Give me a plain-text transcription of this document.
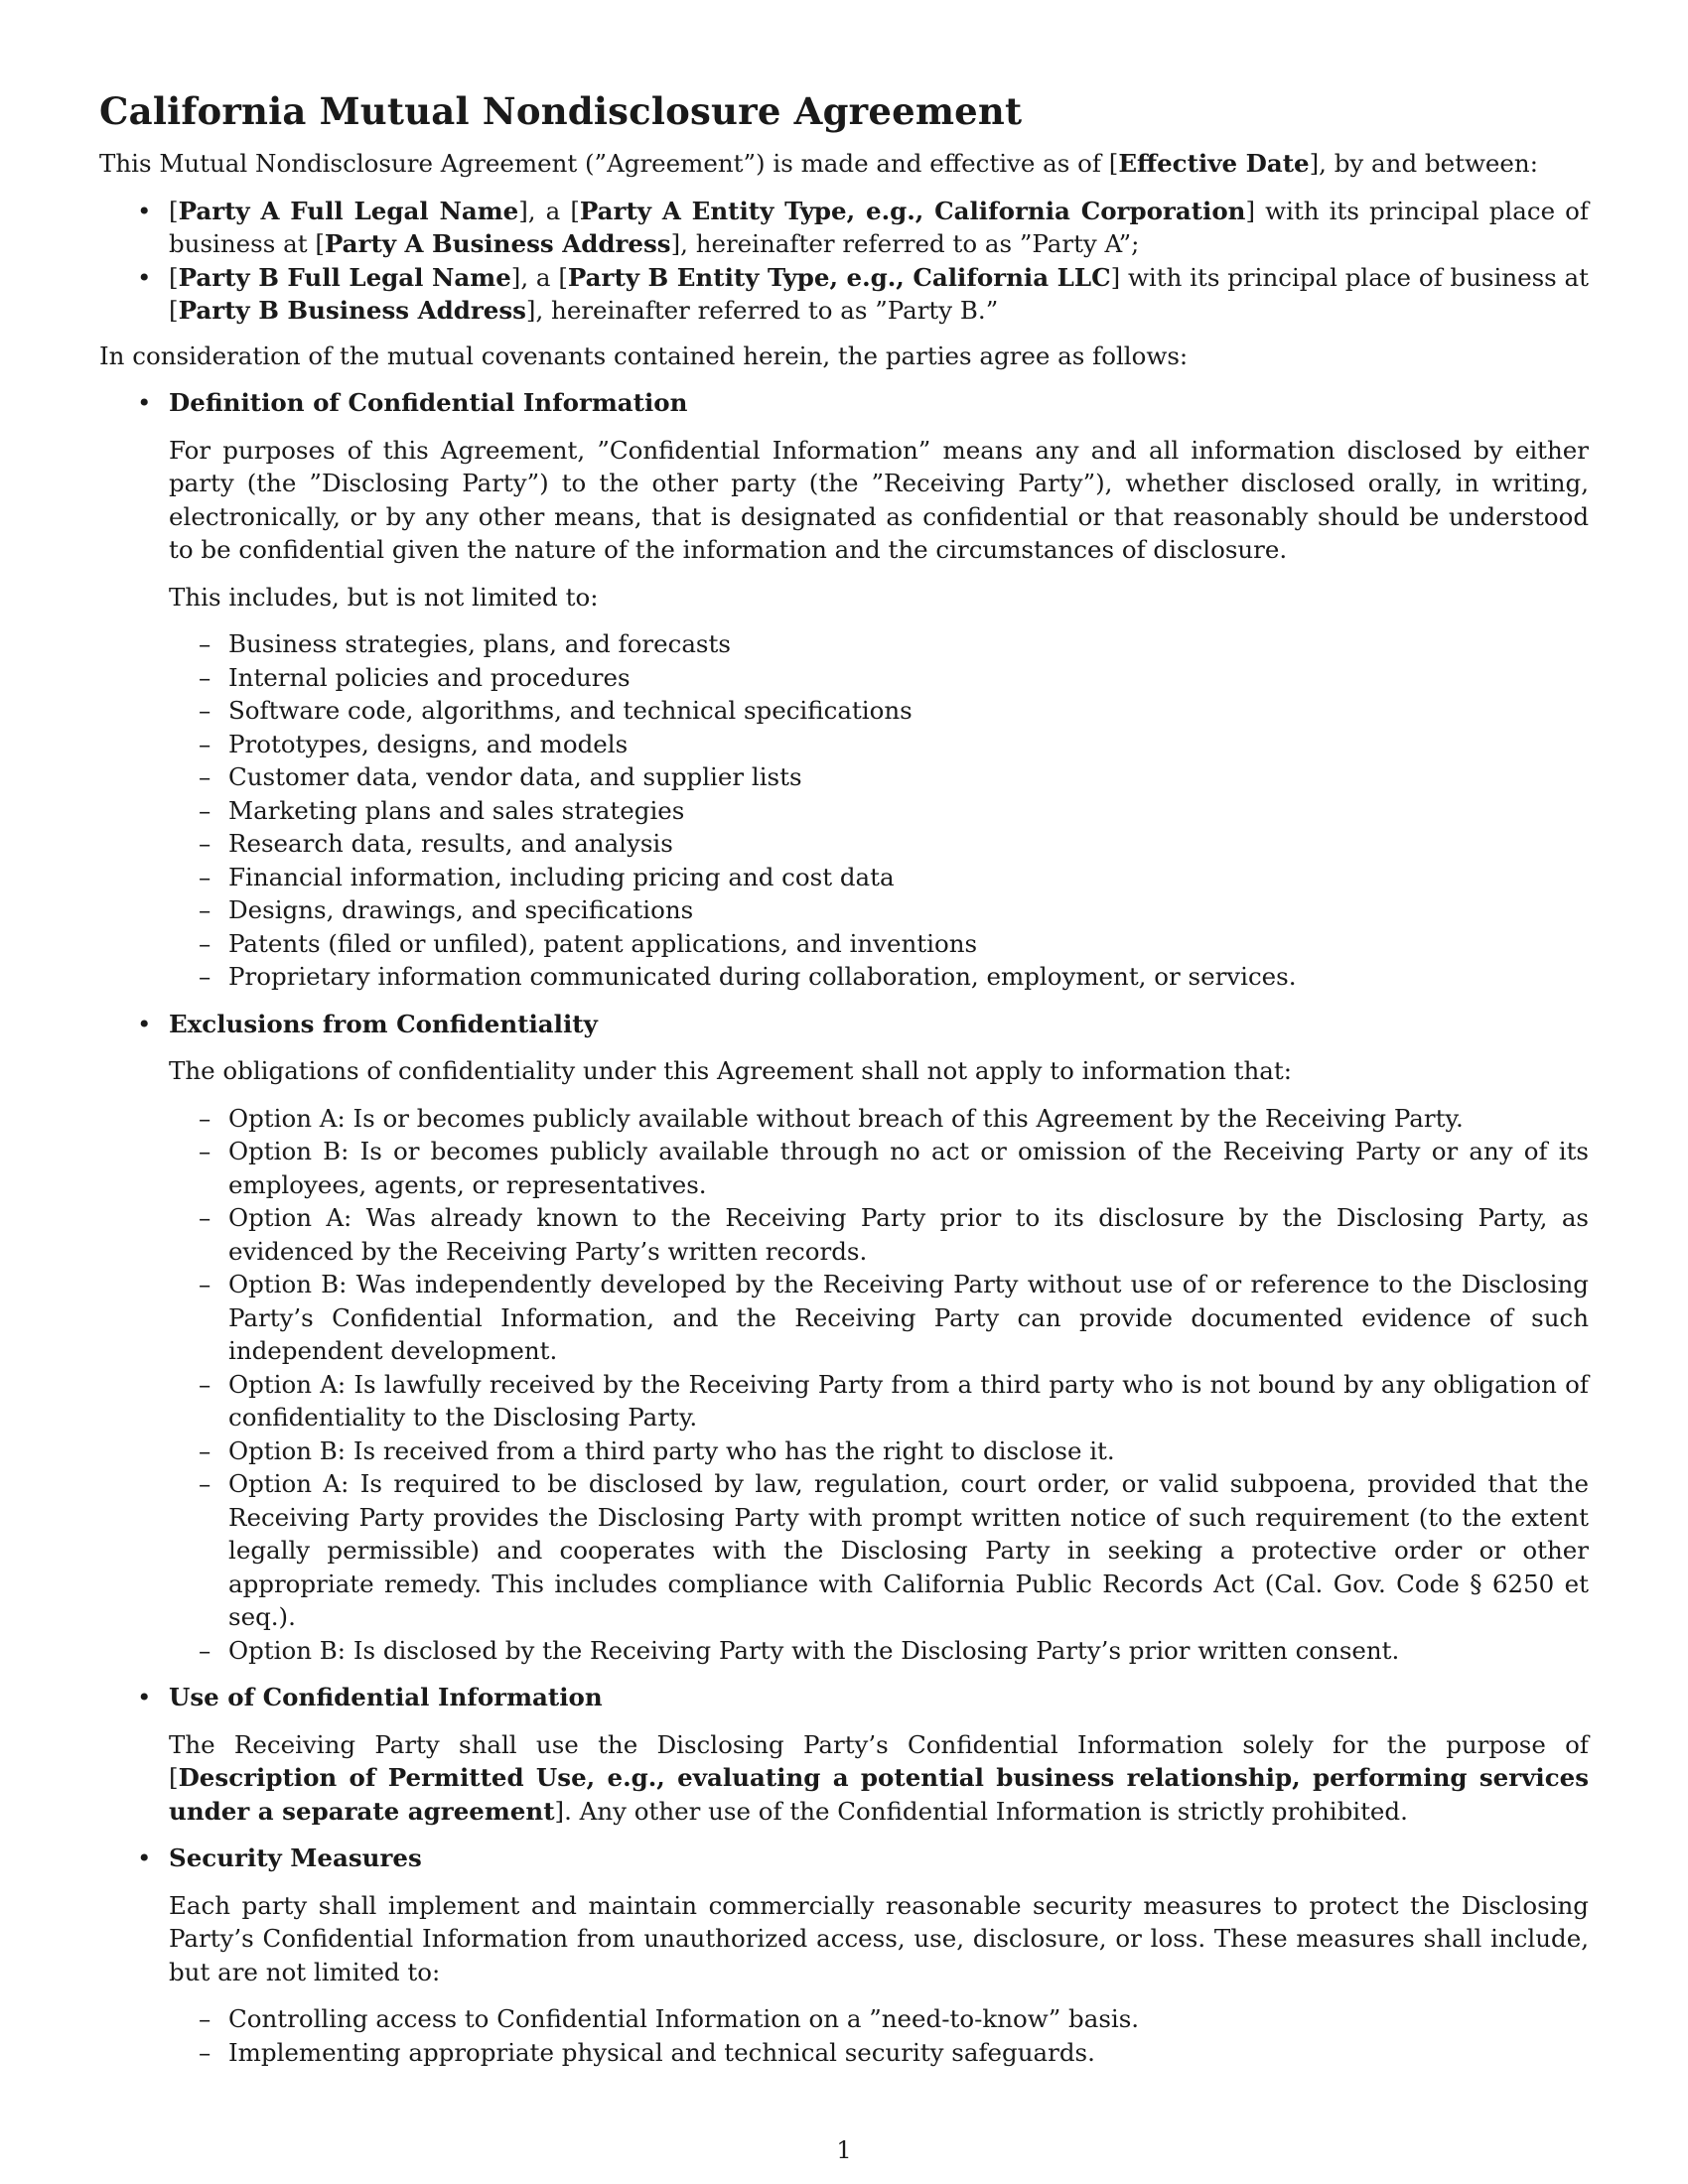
California Mutual Nondisclosure Agreement

This Mutual Nondisclosure Agreement (”Agreement”) is made and effective as of [Effective Date], by and between:

• [Party A Full Legal Name], a [Party A Entity Type, e.g., California Corporation] with its principal place of business at [Party A Business Address], hereinafter referred to as ”Party A”;
• [Party B Full Legal Name], a [Party B Entity Type, e.g., California LLC] with its principal place of business at [Party B Business Address], hereinafter referred to as ”Party B.”

In consideration of the mutual covenants contained herein, the parties agree as follows:

• Definition of Confidential Information

For purposes of this Agreement, ”Confidential Information” means any and all information disclosed by either party (the ”Disclosing Party”) to the other party (the ”Receiving Party”), whether disclosed orally, in writing, electronically, or by any other means, that is designated as confidential or that reasonably should be understood to be confidential given the nature of the information and the circumstances of disclosure.

This includes, but is not limited to:

– Business strategies, plans, and forecasts
– Internal policies and procedures
– Software code, algorithms, and technical specifications
– Prototypes, designs, and models
– Customer data, vendor data, and supplier lists
– Marketing plans and sales strategies
– Research data, results, and analysis
– Financial information, including pricing and cost data
– Designs, drawings, and specifications
– Patents (filed or unfiled), patent applications, and inventions
– Proprietary information communicated during collaboration, employment, or services.
• Exclusions from Confidentiality

The obligations of confidentiality under this Agreement shall not apply to information that:

– Option A: Is or becomes publicly available without breach of this Agreement by the Receiving Party.
– Option B: Is or becomes publicly available through no act or omission of the Receiving Party or any of its employees, agents, or representatives.
– Option A: Was already known to the Receiving Party prior to its disclosure by the Disclosing Party, as evidenced by the Receiving Party’s written records.
– Option B: Was independently developed by the Receiving Party without use of or reference to the Disclosing Party’s Confidential Information, and the Receiving Party can provide documented evidence of such independent development.
– Option A: Is lawfully received by the Receiving Party from a third party who is not bound by any obligation of confidentiality to the Disclosing Party.
– Option B: Is received from a third party who has the right to disclose it.
– Option A: Is required to be disclosed by law, regulation, court order, or valid subpoena, provided that the Receiving Party provides the Disclosing Party with prompt written notice of such requirement (to the extent legally permissible) and cooperates with the Disclosing Party in seeking a protective order or other appropriate remedy. This includes compliance with California Public Records Act (Cal. Gov. Code § 6250 et seq.).
– Option B: Is disclosed by the Receiving Party with the Disclosing Party’s prior written consent.
• Use of Confidential Information

The Receiving Party shall use the Disclosing Party’s Confidential Information solely for the purpose of [Description of Permitted Use, e.g., evaluating a potential business relationship, performing services under a separate agreement]. Any other use of the Confidential Information is strictly prohibited.

• Security Measures

Each party shall implement and maintain commercially reasonable security measures to protect the Disclosing Party’s Confidential Information from unauthorized access, use, disclosure, or loss. These measures shall include, but are not limited to:

– Controlling access to Confidential Information on a ”need-to-know” basis.
– Implementing appropriate physical and technical security safeguards.
1
